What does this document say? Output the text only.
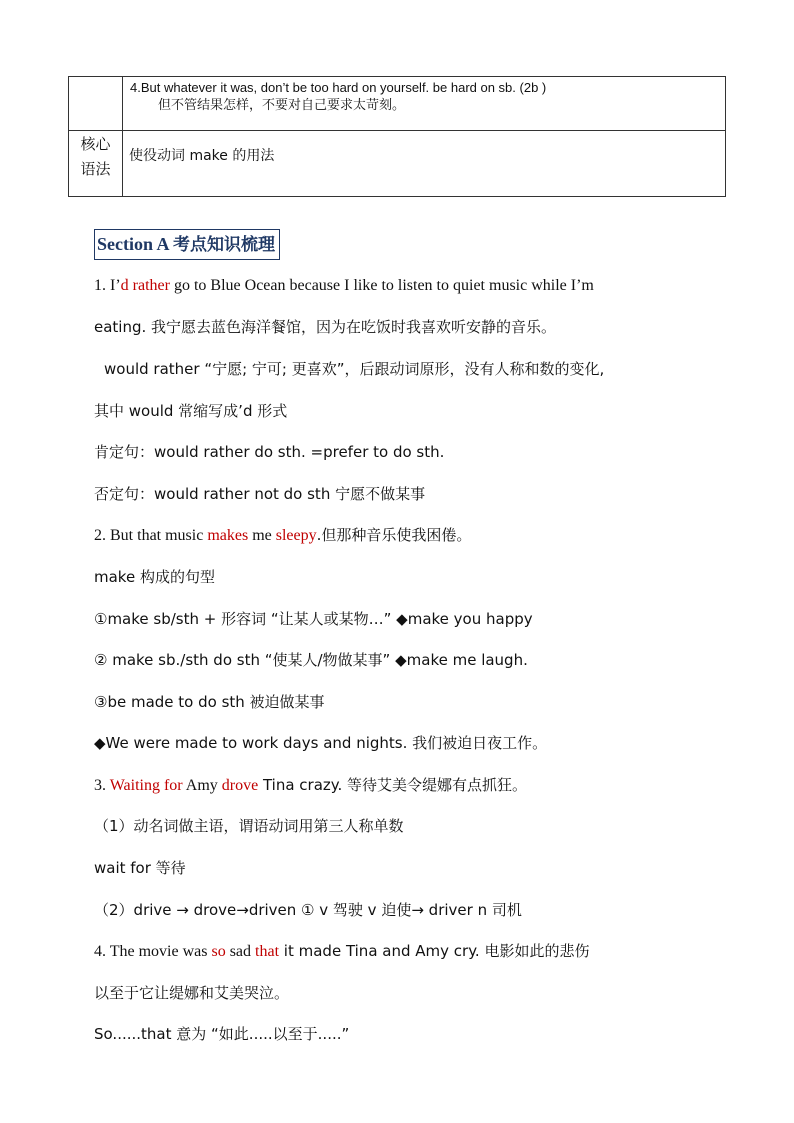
	4.But whatever it was, don’t be too hard on yourself. be hard on sb. (2b )
但不管结果怎样，不要对自己要求太苛刻。

核心
语法	使役动词 make 的用法
Section A 考点知识梳理
1. I’d rather go to Blue Ocean because I like to listen to quiet music while I’m
eating. 我宁愿去蓝色海洋餐馆，因为在吃饭时我喜欢听安静的音乐。
would rather “宁愿; 宁可; 更喜欢”，后跟动词原形，没有人称和数的变化,
其中 would 常缩写成’d 形式
肯定句：would rather do sth. =prefer to do sth.
否定句：would rather not do sth 宁愿不做某事
2. But that music makes me sleepy.但那种音乐使我困倦。
make 构成的句型
①make sb/sth + 形容词 “让某人或某物…” ◆make you happy
② make sb./sth do sth “使某人/物做某事” ◆make me laugh.
③be made to do sth 被迫做某事
◆We were made to work days and nights. 我们被迫日夜工作。
3. Waiting for Amy drove Tina crazy. 等待艾美令缇娜有点抓狂。
（1）动名词做主语，谓语动词用第三人称单数
wait for 等待
（2）drive → drove→driven ① v 驾驶 v 迫使→ driver n 司机
4. The movie was so sad that it made Tina and Amy cry. 电影如此的悲伤
以至于它让缇娜和艾美哭泣。
So......that 意为 “如此.....以至于.....”
